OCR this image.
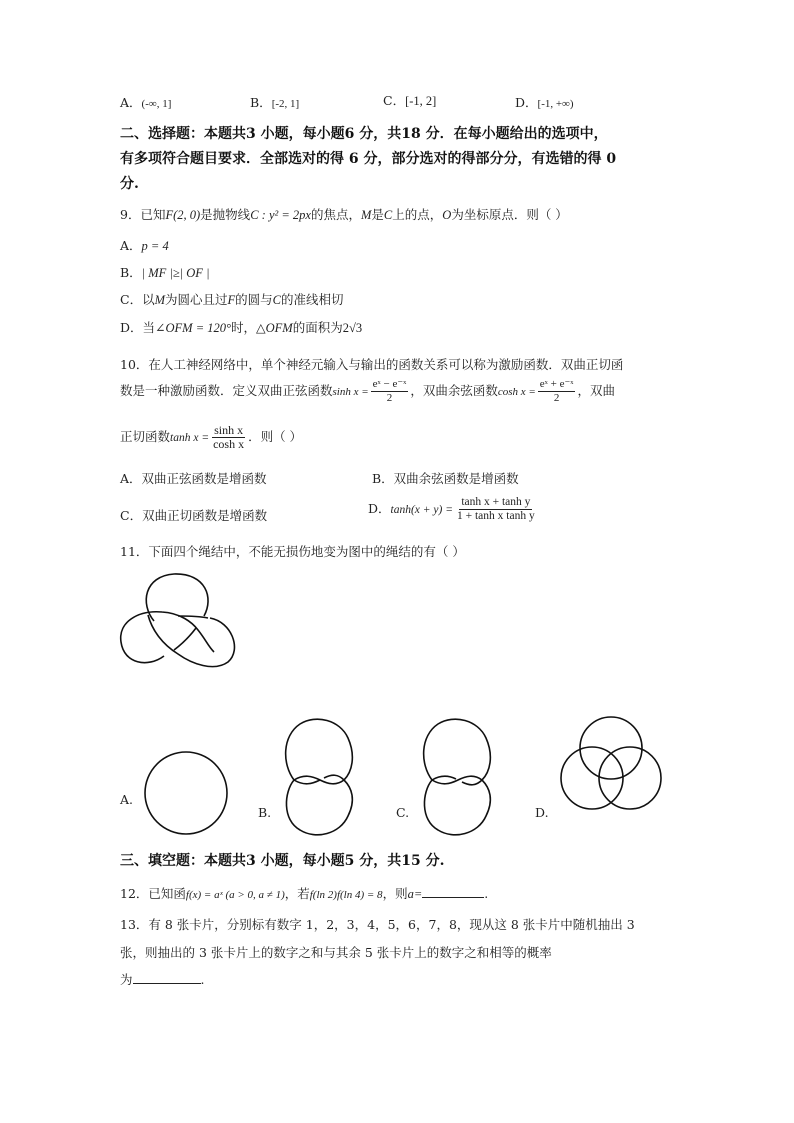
A．(-∞, 1]	B．[-2, 1]	C．[-1, 2]	D．[-1, +∞)
二、选择题：本题共3 小题，每小题6 分，共18 分．在每小题给出的选项中，
有多项符合题目要求．全部选对的得 6 分，部分选对的得部分分，有选错的得 0
分.
9．已知F(2, 0)是抛物线C : y² = 2px的焦点，M是C上的点，O为坐标原点．则（ ）
A．p = 4
B．| MF |≥| OF |
C．以M为圆心且过F的圆与C的准线相切
D．当∠OFM = 120°时，△OFM的面积为2√3
10．在人工神经网络中，单个神经元输入与输出的函数关系可以称为激励函数．双曲正切函
数是一种激励函数．定义双曲正弦函数$\sinh x = \frac{\text{eˣ − e⁻ˣ}}{2}$ ，双曲余弦函数$\cosh x = \frac{\text{eˣ + e⁻ˣ}}{2}$ ，双曲
正切函数$\tanh x = \frac{\text{sinh x}}{\text{cosh x}}$ ．则（ ）
A．双曲正弦函数是增函数	B．双曲余弦函数是增函数
C．双曲正切函数是增函数	D．$\tanh(x + y) = \frac{\text{tanh x + tanh y}}{\text{1 + tanh x tanh y}}$
11．下面四个绳结中，不能无损伤地变为图中的绳结的有（ ）
A.
B.	C.	D.
三、填空题：本题共3 小题，每小题5 分，共15 分.
12．已知函f(x) = aˣ (a > 0, a ≠ 1)，若f(ln 2)f(ln 4) = 8，则a=	.
13．有 8 张卡片，分别标有数字 1，2，3，4，5，6，7，8，现从这 8 张卡片中随机抽出 3
张，则抽出的 3 张卡片上的数字之和与其余 5 张卡片上的数字之和相等的概率
为	.
